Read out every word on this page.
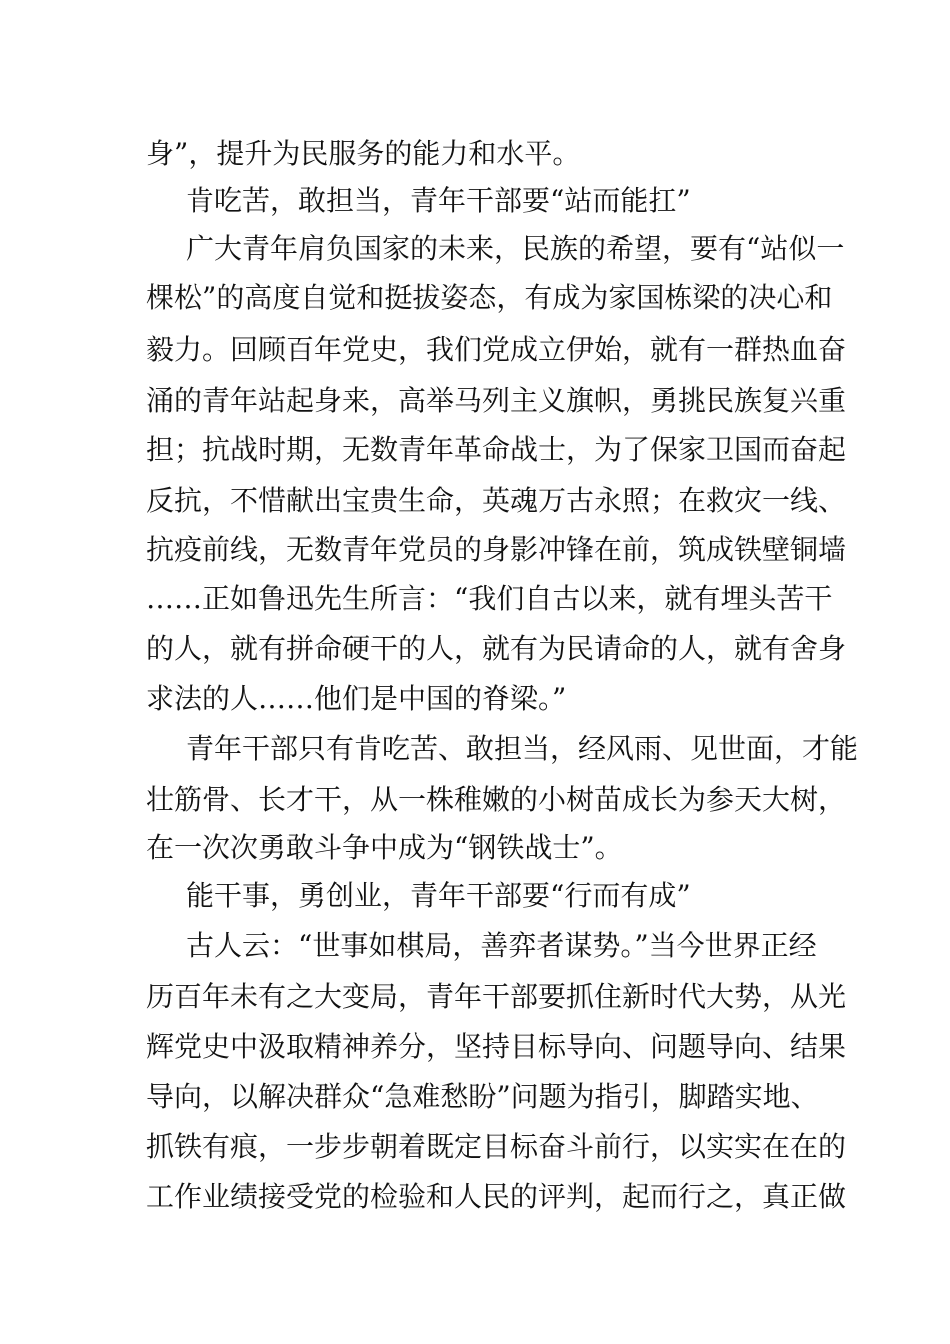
身”，提升为民服务的能力和水平。
肯吃苦，敢担当，青年干部要“站而能扛”
广大青年肩负国家的未来，民族的希望，要有“站似一
棵松”的高度自觉和挺拔姿态，有成为家国栋梁的决心和
毅力。回顾百年党史，我们党成立伊始，就有一群热血奋
涌的青年站起身来，高举马列主义旗帜，勇挑民族复兴重
担；抗战时期，无数青年革命战士，为了保家卫国而奋起
反抗，不惜献出宝贵生命，英魂万古永照；在救灾一线、
抗疫前线，无数青年党员的身影冲锋在前，筑成铁壁铜墙
……正如鲁迅先生所言：“我们自古以来，就有埋头苦干
的人，就有拼命硬干的人，就有为民请命的人，就有舍身
求法的人……他们是中国的脊梁。”
青年干部只有肯吃苦、敢担当，经风雨、见世面，才能
壮筋骨、长才干，从一株稚嫩的小树苗成长为参天大树，
在一次次勇敢斗争中成为“钢铁战士”。
能干事，勇创业，青年干部要“行而有成”
古人云：“世事如棋局，善弈者谋势。”当今世界正经
历百年未有之大变局，青年干部要抓住新时代大势，从光
辉党史中汲取精神养分，坚持目标导向、问题导向、结果
导向，以解决群众“急难愁盼”问题为指引，脚踏实地、
抓铁有痕，一步步朝着既定目标奋斗前行，以实实在在的
工作业绩接受党的检验和人民的评判，起而行之，真正做
